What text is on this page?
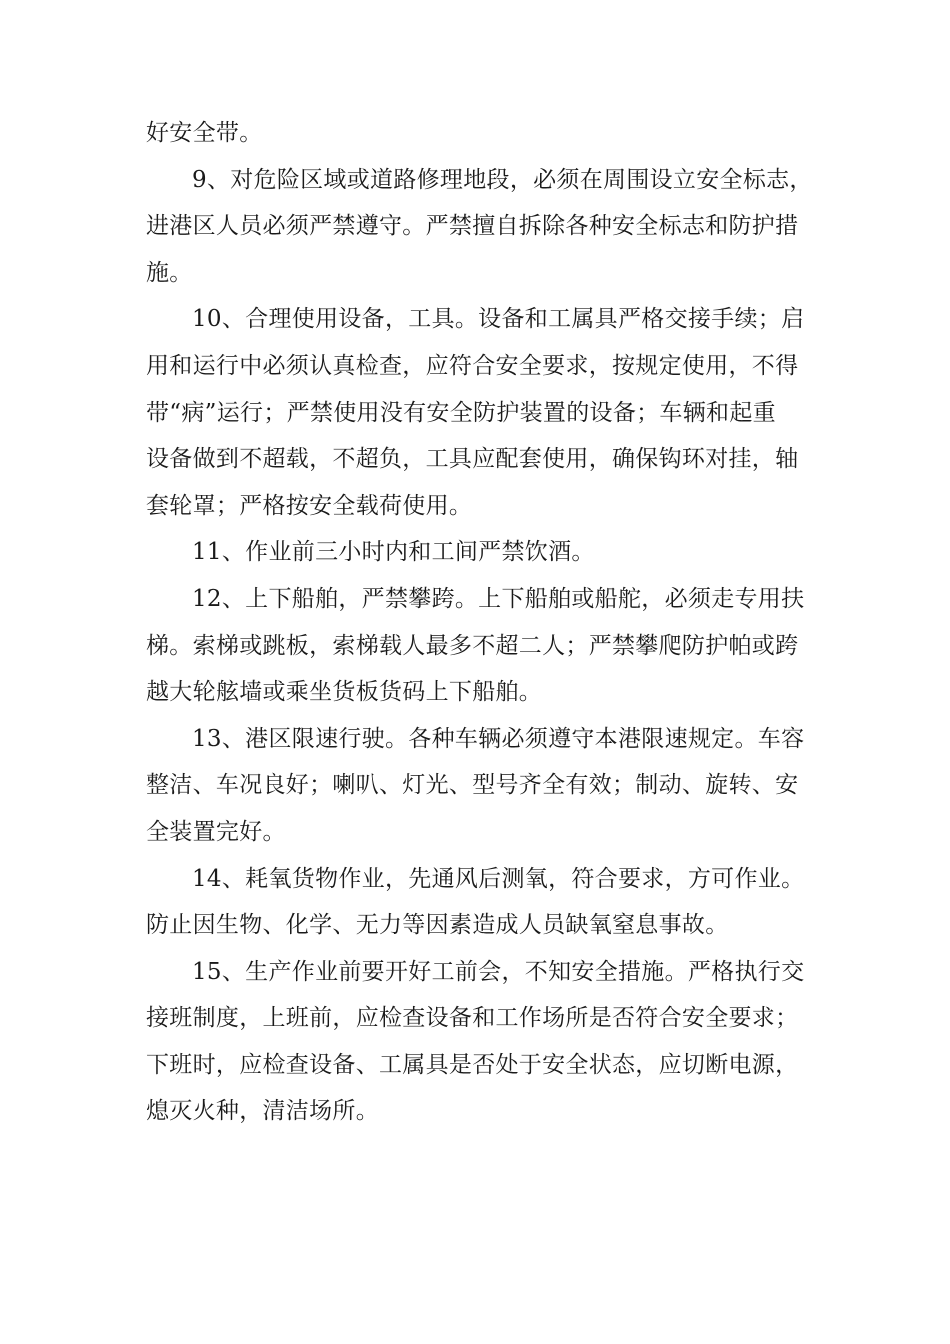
好安全带。
9、对危险区域或道路修理地段，必须在周围设立安全标志，
进港区人员必须严禁遵守。严禁擅自拆除各种安全标志和防护措
施。
10、合理使用设备，工具。设备和工属具严格交接手续；启
用和运行中必须认真检查，应符合安全要求，按规定使用，不得
带“病”运行；严禁使用没有安全防护装置的设备；车辆和起重
设备做到不超载，不超负，工具应配套使用，确保钩环对挂，轴
套轮罩；严格按安全载荷使用。
11、作业前三小时内和工间严禁饮酒。
12、上下船舶，严禁攀跨。上下船舶或船舵，必须走专用扶
梯。索梯或跳板，索梯载人最多不超二人；严禁攀爬防护帕或跨
越大轮舷墙或乘坐货板货码上下船舶。
13、港区限速行驶。各种车辆必须遵守本港限速规定。车容
整洁、车况良好；喇叭、灯光、型号齐全有效；制动、旋转、安
全装置完好。
14、耗氧货物作业，先通风后测氧，符合要求，方可作业。
防止因生物、化学、无力等因素造成人员缺氧窒息事故。
15、生产作业前要开好工前会，不知安全措施。严格执行交
接班制度，上班前，应检查设备和工作场所是否符合安全要求；
下班时，应检查设备、工属具是否处于安全状态，应切断电源，
熄灭火种，清洁场所。
